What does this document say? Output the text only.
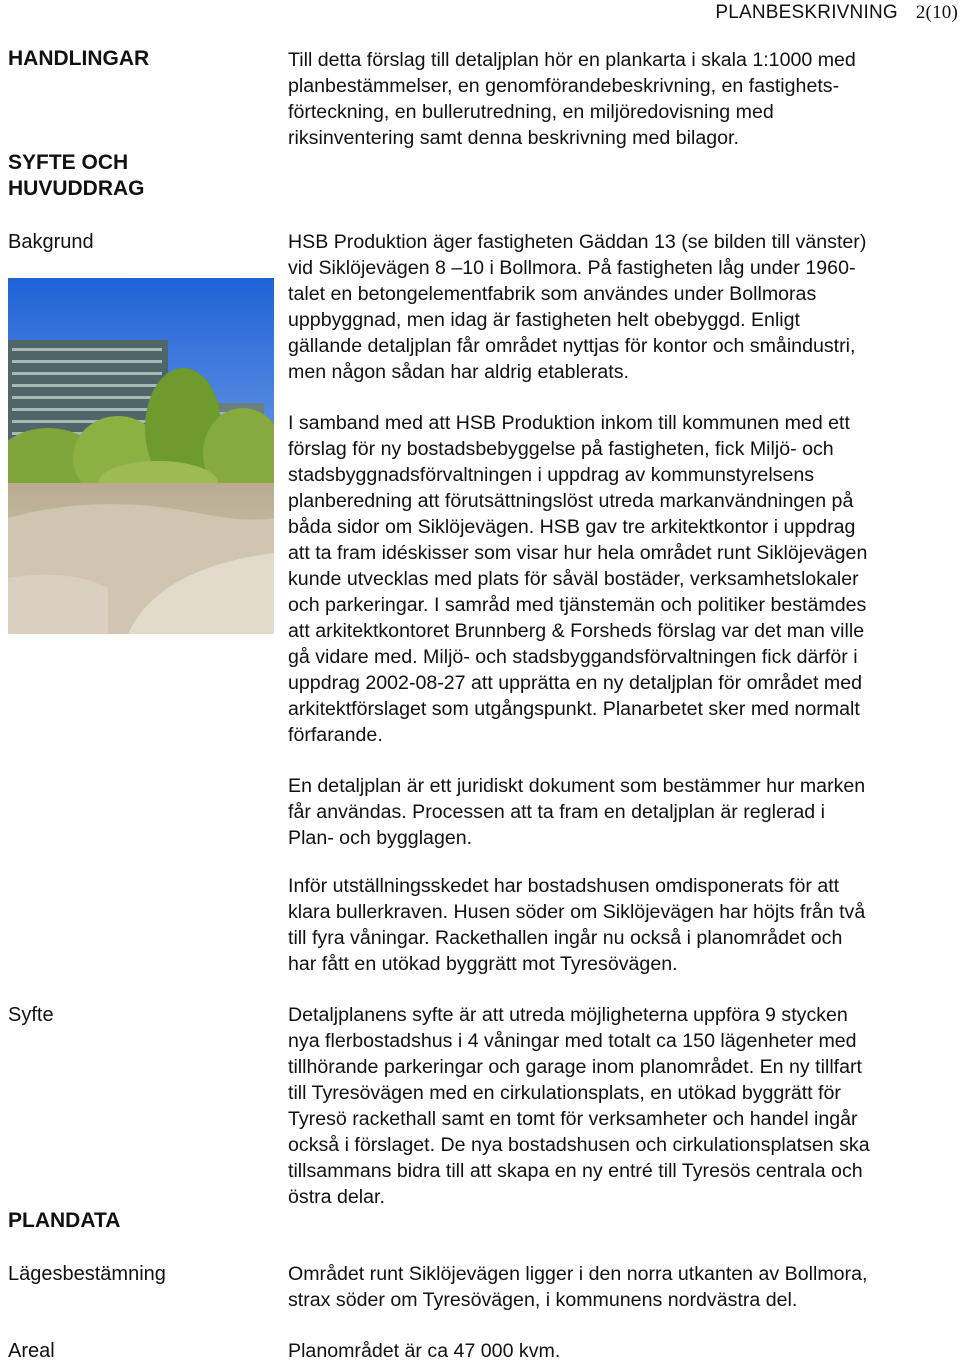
PLANBESKRIVNING 2(10)
HANDLINGAR
SYFTE OCH
HUVUDDRAG
Bakgrund
Syfte
PLANDATA
Lägesbestämning
Areal
Till detta förslag till detaljplan hör en plankarta i skala 1:1000 med
planbestämmelser, en genomförandebeskrivning, en fastighets-
förteckning, en bullerutredning, en miljöredovisning med
riksinventering samt denna beskrivning med bilagor.
HSB Produktion äger fastigheten Gäddan 13 (se bilden till vänster)
vid Siklöjevägen 8 –10 i Bollmora. På fastigheten låg under 1960-
talet en betongelementfabrik som användes under Bollmoras
uppbyggnad, men idag är fastigheten helt obebyggd. Enligt
gällande detaljplan får området nyttjas för kontor och småindustri,
men någon sådan har aldrig etablerats.
I samband med att HSB Produktion inkom till kommunen med ett
förslag för ny bostadsbebyggelse på fastigheten, fick Miljö- och
stadsbyggnadsförvaltningen i uppdrag av kommunstyrelsens
planberedning att förutsättningslöst utreda markanvändningen på
båda sidor om Siklöjevägen. HSB gav tre arkitektkontor i uppdrag
att ta fram idéskisser som visar hur hela området runt Siklöjevägen
kunde utvecklas med plats för såväl bostäder, verksamhetslokaler
och parkeringar. I samråd med tjänstemän och politiker bestämdes
att arkitektkontoret Brunnberg & Forsheds förslag var det man ville
gå vidare med. Miljö- och stadsbyggandsförvaltningen fick därför i
uppdrag 2002-08-27 att upprätta en ny detaljplan för området med
arkitektförslaget som utgångspunkt. Planarbetet sker med normalt
förfarande.
En detaljplan är ett juridiskt dokument som bestämmer hur marken
får användas. Processen att ta fram en detaljplan är reglerad i
Plan- och bygglagen.
Inför utställningsskedet har bostadshusen omdisponerats för att
klara bullerkraven. Husen söder om Siklöjevägen har höjts från två
till fyra våningar. Rackethallen ingår nu också i planområdet och
har fått en utökad byggrätt mot Tyresövägen.
Detaljplanens syfte är att utreda möjligheterna uppföra 9 stycken
nya flerbostadshus i 4 våningar med totalt ca 150 lägenheter med
tillhörande parkeringar och garage inom planområdet. En ny tillfart
till Tyresövägen med en cirkulationsplats, en utökad byggrätt för
Tyresö rackethall samt en tomt för verksamheter och handel ingår
också i förslaget. De nya bostadshusen och cirkulationsplatsen ska
tillsammans bidra till att skapa en ny entré till Tyresös centrala och
östra delar.
Området runt Siklöjevägen ligger i den norra utkanten av Bollmora,
strax söder om Tyresövägen, i kommunens nordvästra del.
Planområdet är ca 47 000 kvm.
